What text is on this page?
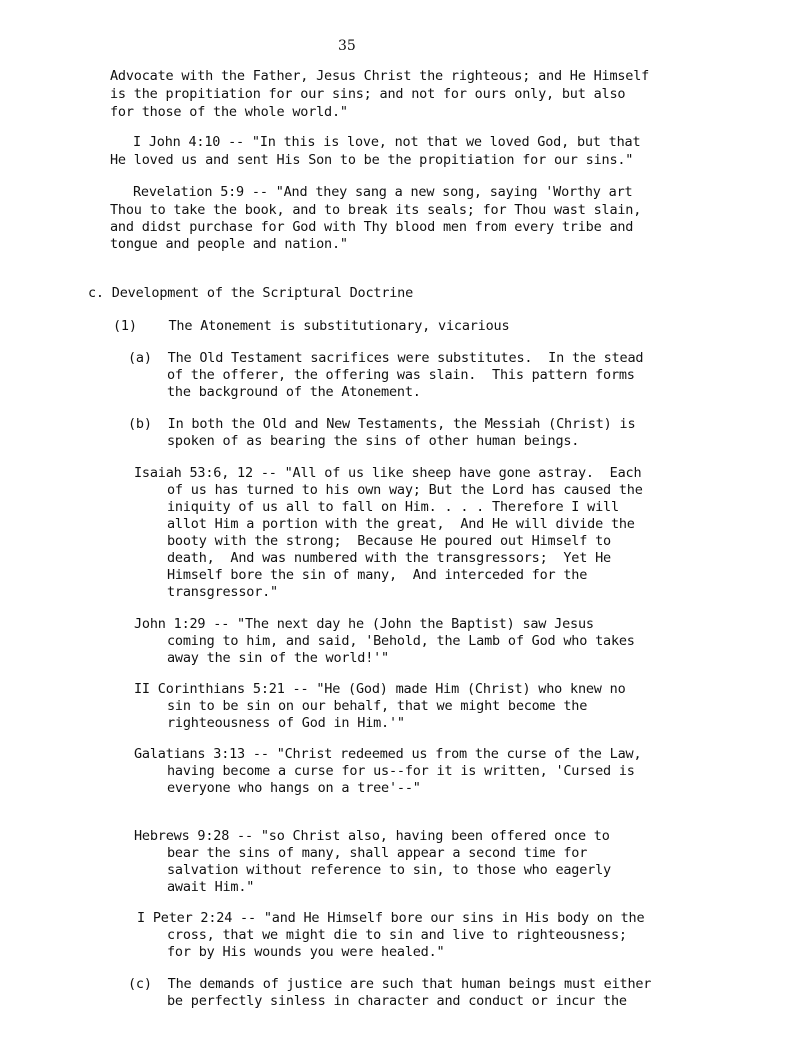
35
Advocate with the Father, Jesus Christ the righteous; and He Himself
is the propitiation for our sins; and not for ours only, but also
for those of the whole world."
I John 4:10 -- "In this is love, not that we loved God, but that
He loved us and sent His Son to be the propitiation for our sins."
Revelation 5:9 -- "And they sang a new song, saying 'Worthy art
Thou to take the book, and to break its seals; for Thou wast slain,
and didst purchase for God with Thy blood men from every tribe and
tongue and people and nation."
c. Development of the Scriptural Doctrine
(1)    The Atonement is substitutionary, vicarious
(a)  The Old Testament sacrifices were substitutes.  In the stead
of the offerer, the offering was slain.  This pattern forms
the background of the Atonement.
(b)  In both the Old and New Testaments, the Messiah (Christ) is
spoken of as bearing the sins of other human beings.
Isaiah 53:6, 12 -- "All of us like sheep have gone astray.  Each
of us has turned to his own way; But the Lord has caused the
iniquity of us all to fall on Him. . . . Therefore I will
allot Him a portion with the great,  And He will divide the
booty with the strong;  Because He poured out Himself to
death,  And was numbered with the transgressors;  Yet He
Himself bore the sin of many,  And interceded for the
transgressor."
John 1:29 -- "The next day he (John the Baptist) saw Jesus
coming to him, and said, 'Behold, the Lamb of God who takes
away the sin of the world!'"
II Corinthians 5:21 -- "He (God) made Him (Christ) who knew no
sin to be sin on our behalf, that we might become the
righteousness of God in Him.'"
Galatians 3:13 -- "Christ redeemed us from the curse of the Law,
having become a curse for us--for it is written, 'Cursed is
everyone who hangs on a tree'--"
Hebrews 9:28 -- "so Christ also, having been offered once to
bear the sins of many, shall appear a second time for
salvation without reference to sin, to those who eagerly
await Him."
I Peter 2:24 -- "and He Himself bore our sins in His body on the
cross, that we might die to sin and live to righteousness;
for by His wounds you were healed."
(c)  The demands of justice are such that human beings must either
be perfectly sinless in character and conduct or incur the
